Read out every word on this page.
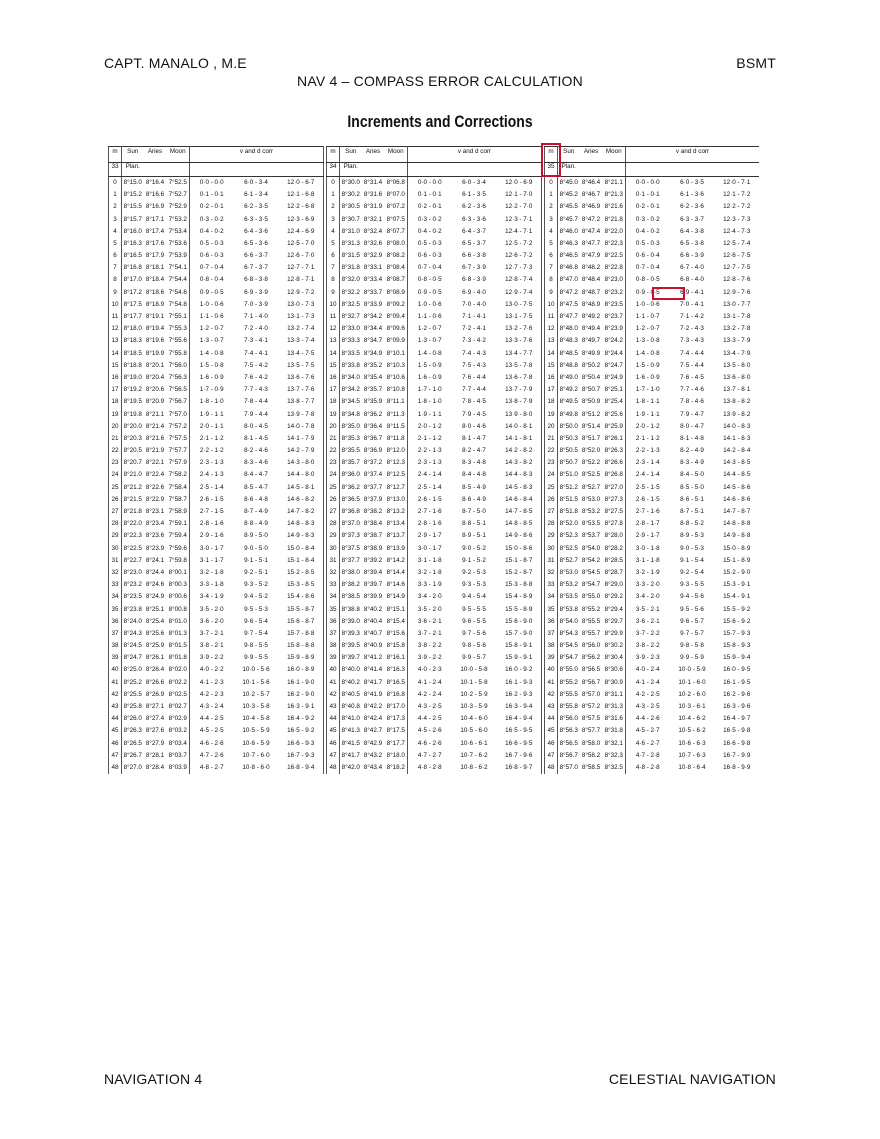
CAPT. MANALO , M.E	BSMT
NAV 4 – COMPASS ERROR CALCULATION
Increments and Corrections
m	Sun	Aries	Moon	v and d corr		
33	Plan.					
0	8°15.0	8°16.4	7°52.5	0·0 - 0·0	6·0 - 3·4	12·0 - 6·7
1	8°15.2	8°16.6	7°52.7	0·1 - 0·1	6·1 - 3·4	12·1 - 6·8
2	8°15.5	8°16.9	7°52.9	0·2 - 0·1	6·2 - 3·5	12·2 - 6·8
3	8°15.7	8°17.1	7°53.2	0·3 - 0·2	6·3 - 3·5	12·3 - 6·9
4	8°16.0	8°17.4	7°53.4	0·4 - 0·2	6·4 - 3·6	12·4 - 6·9
5	8°16.3	8°17.6	7°53.6	0·5 - 0·3	6·5 - 3·6	12·5 - 7·0
6	8°16.5	8°17.9	7°53.9	0·6 - 0·3	6·6 - 3·7	12·6 - 7·0
7	8°16.8	8°18.1	7°54.1	0·7 - 0·4	6·7 - 3·7	12·7 - 7·1
8	8°17.0	8°18.4	7°54.4	0·8 - 0·4	6·8 - 3·8	12·8 - 7·1
9	8°17.2	8°18.6	7°54.6	0·9 - 0·5	6·9 - 3·9	12·9 - 7·2
10	8°17.5	8°18.9	7°54.8	1·0 - 0·6	7·0 - 3·9	13·0 - 7·3
11	8°17.7	8°19.1	7°55.1	1·1 - 0·6	7·1 - 4·0	13·1 - 7·3
12	8°18.0	8°19.4	7°55.3	1·2 - 0·7	7·2 - 4·0	13·2 - 7·4
13	8°18.3	8°19.6	7°55.6	1·3 - 0·7	7·3 - 4·1	13·3 - 7·4
14	8°18.5	8°19.9	7°55.8	1·4 - 0·8	7·4 - 4·1	13·4 - 7·5
15	8°18.8	8°20.1	7°56.0	1·5 - 0·8	7·5 - 4·2	13·5 - 7·5
16	8°19.0	8°20.4	7°56.3	1·6 - 0·9	7·6 - 4·2	13·6 - 7·6
17	8°19.2	8°20.6	7°56.5	1·7 - 0·9	7·7 - 4·3	13·7 - 7·6
18	8°19.5	8°20.9	7°56.7	1·8 - 1·0	7·8 - 4·4	13·8 - 7·7
19	8°19.8	8°21.1	7°57.0	1·9 - 1·1	7·9 - 4·4	13·9 - 7·8
20	8°20.0	8°21.4	7°57.2	2·0 - 1·1	8·0 - 4·5	14·0 - 7·8
21	8°20.3	8°21.6	7°57.5	2·1 - 1·2	8·1 - 4·5	14·1 - 7·9
22	8°20.5	8°21.9	7°57.7	2·2 - 1·2	8·2 - 4·6	14·2 - 7·9
23	8°20.7	8°22.1	7°57.9	2·3 - 1·3	8·3 - 4·6	14·3 - 8·0
24	8°21.0	8°22.4	7°58.2	2·4 - 1·3	8·4 - 4·7	14·4 - 8·0
25	8°21.2	8°22.6	7°58.4	2·5 - 1·4	8·5 - 4·7	14·5 - 8·1
26	8°21.5	8°22.9	7°58.7	2·6 - 1·5	8·6 - 4·8	14·6 - 8·2
27	8°21.8	8°23.1	7°58.9	2·7 - 1·5	8·7 - 4·9	14·7 - 8·2
28	8°22.0	8°23.4	7°59.1	2·8 - 1·6	8·8 - 4·9	14·8 - 8·3
29	8°22.3	8°23.6	7°59.4	2·9 - 1·6	8·9 - 5·0	14·9 - 8·3
30	8°22.5	8°23.9	7°59.6	3·0 - 1·7	9·0 - 5·0	15·0 - 8·4
31	8°22.7	8°24.1	7°59.8	3·1 - 1·7	9·1 - 5·1	15·1 - 8·4
32	8°23.0	8°24.4	8°00.1	3·2 - 1·8	9·2 - 5·1	15·2 - 8·5
33	8°23.2	8°24.6	8°00.3	3·3 - 1·8	9·3 - 5·2	15·3 - 8·5
34	8°23.5	8°24.9	8°00.6	3·4 - 1·9	9·4 - 5·2	15·4 - 8·6
35	8°23.8	8°25.1	8°00.8	3·5 - 2·0	9·5 - 5·3	15·5 - 8·7
36	8°24.0	8°25.4	8°01.0	3·6 - 2·0	9·6 - 5·4	15·6 - 8·7
37	8°24.3	8°25.6	8°01.3	3·7 - 2·1	9·7 - 5·4	15·7 - 8·8
38	8°24.5	8°25.9	8°01.5	3·8 - 2·1	9·8 - 5·5	15·8 - 8·8
39	8°24.7	8°26.1	8°01.8	3·9 - 2·2	9·9 - 5·5	15·9 - 8·9
40	8°25.0	8°26.4	8°02.0	4·0 - 2·2	10·0 - 5·6	16·0 - 8·9
41	8°25.2	8°26.6	8°02.2	4·1 - 2·3	10·1 - 5·6	16·1 - 9·0
42	8°25.5	8°26.9	8°02.5	4·2 - 2·3	10·2 - 5·7	16·2 - 9·0
43	8°25.8	8°27.1	8°02.7	4·3 - 2·4	10·3 - 5·8	16·3 - 9·1
44	8°26.0	8°27.4	8°02.9	4·4 - 2·5	10·4 - 5·8	16·4 - 9·2
45	8°26.3	8°27.6	8°03.2	4·5 - 2·5	10·5 - 5·9	16·5 - 9·2
46	8°26.5	8°27.9	8°03.4	4·6 - 2·6	10·6 - 5·9	16·6 - 9·3
47	8°26.7	8°28.1	8°03.7	4·7 - 2·6	10·7 - 6·0	16·7 - 9·3
48	8°27.0	8°28.4	8°03.9	4·8 - 2·7	10·8 - 6·0	16·8 - 9·4
m	Sun	Aries	Moon	v and d corr		
34	Plan.					
0	8°30.0	8°31.4	8°06.8	0·0 - 0·0	6·0 - 3·4	12·0 - 6·9
1	8°30.2	8°31.6	8°07.0	0·1 - 0·1	6·1 - 3·5	12·1 - 7·0
2	8°30.5	8°31.9	8°07.2	0·2 - 0·1	6·2 - 3·6	12·2 - 7·0
3	8°30.7	8°32.1	8°07.5	0·3 - 0·2	6·3 - 3·6	12·3 - 7·1
4	8°31.0	8°32.4	8°07.7	0·4 - 0·2	6·4 - 3·7	12·4 - 7·1
5	8°31.3	8°32.6	8°08.0	0·5 - 0·3	6·5 - 3·7	12·5 - 7·2
6	8°31.5	8°32.9	8°08.2	0·6 - 0·3	6·6 - 3·8	12·6 - 7·2
7	8°31.8	8°33.1	8°08.4	0·7 - 0·4	6·7 - 3·9	12·7 - 7·3
8	8°32.0	8°33.4	8°08.7	0·8 - 0·5	6·8 - 3·9	12·8 - 7·4
9	8°32.2	8°33.7	8°08.9	0·9 - 0·5	6·9 - 4·0	12·9 - 7·4
10	8°32.5	8°33.9	8°09.2	1·0 - 0·6	7·0 - 4·0	13·0 - 7·5
11	8°32.7	8°34.2	8°09.4	1·1 - 0·6	7·1 - 4·1	13·1 - 7·5
12	8°33.0	8°34.4	8°09.6	1·2 - 0·7	7·2 - 4·1	13·2 - 7·6
13	8°33.3	8°34.7	8°09.9	1·3 - 0·7	7·3 - 4·2	13·3 - 7·6
14	8°33.5	8°34.9	8°10.1	1·4 - 0·8	7·4 - 4·3	13·4 - 7·7
15	8°33.8	8°35.2	8°10.3	1·5 - 0·9	7·5 - 4·3	13·5 - 7·8
16	8°34.0	8°35.4	8°10.6	1·6 - 0·9	7·6 - 4·4	13·6 - 7·8
17	8°34.2	8°35.7	8°10.8	1·7 - 1·0	7·7 - 4·4	13·7 - 7·9
18	8°34.5	8°35.9	8°11.1	1·8 - 1·0	7·8 - 4·5	13·8 - 7·9
19	8°34.8	8°36.2	8°11.3	1·9 - 1·1	7·9 - 4·5	13·9 - 8·0
20	8°35.0	8°36.4	8°11.5	2·0 - 1·2	8·0 - 4·6	14·0 - 8·1
21	8°35.3	8°36.7	8°11.8	2·1 - 1·2	8·1 - 4·7	14·1 - 8·1
22	8°35.5	8°36.9	8°12.0	2·2 - 1·3	8·2 - 4·7	14·2 - 8·2
23	8°35.7	8°37.2	8°12.3	2·3 - 1·3	8·3 - 4·8	14·3 - 8·2
24	8°36.0	8°37.4	8°12.5	2·4 - 1·4	8·4 - 4·8	14·4 - 8·3
25	8°36.2	8°37.7	8°12.7	2·5 - 1·4	8·5 - 4·9	14·5 - 8·3
26	8°36.5	8°37.9	8°13.0	2·6 - 1·5	8·6 - 4·9	14·6 - 8·4
27	8°36.8	8°38.2	8°13.2	2·7 - 1·6	8·7 - 5·0	14·7 - 8·5
28	8°37.0	8°38.4	8°13.4	2·8 - 1·6	8·8 - 5·1	14·8 - 8·5
29	8°37.3	8°38.7	8°13.7	2·9 - 1·7	8·9 - 5·1	14·9 - 8·6
30	8°37.5	8°38.9	8°13.9	3·0 - 1·7	9·0 - 5·2	15·0 - 8·6
31	8°37.7	8°39.2	8°14.2	3·1 - 1·8	9·1 - 5·2	15·1 - 8·7
32	8°38.0	8°39.4	8°14.4	3·2 - 1·8	9·2 - 5·3	15·2 - 8·7
33	8°38.2	8°39.7	8°14.6	3·3 - 1·9	9·3 - 5·3	15·3 - 8·8
34	8°38.5	8°39.9	8°14.9	3·4 - 2·0	9·4 - 5·4	15·4 - 8·9
35	8°38.8	8°40.2	8°15.1	3·5 - 2·0	9·5 - 5·5	15·5 - 8·9
36	8°39.0	8°40.4	8°15.4	3·6 - 2·1	9·6 - 5·5	15·6 - 9·0
37	8°39.3	8°40.7	8°15.6	3·7 - 2·1	9·7 - 5·6	15·7 - 9·0
38	8°39.5	8°40.9	8°15.8	3·8 - 2·2	9·8 - 5·6	15·8 - 9·1
39	8°39.7	8°41.2	8°16.1	3·9 - 2·2	9·9 - 5·7	15·9 - 9·1
40	8°40.0	8°41.4	8°16.3	4·0 - 2·3	10·0 - 5·8	16·0 - 9·2
41	8°40.2	8°41.7	8°16.5	4·1 - 2·4	10·1 - 5·8	16·1 - 9·3
42	8°40.5	8°41.9	8°16.8	4·2 - 2·4	10·2 - 5·9	16·2 - 9·3
43	8°40.8	8°42.2	8°17.0	4·3 - 2·5	10·3 - 5·9	16·3 - 9·4
44	8°41.0	8°42.4	8°17.3	4·4 - 2·5	10·4 - 6·0	16·4 - 9·4
45	8°41.3	8°42.7	8°17.5	4·5 - 2·6	10·5 - 6·0	16·5 - 9·5
46	8°41.5	8°42.9	8°17.7	4·6 - 2·6	10·6 - 6·1	16·6 - 9·5
47	8°41.7	8°43.2	8°18.0	4·7 - 2·7	10·7 - 6·2	16·7 - 9·6
48	8°42.0	8°43.4	8°18.2	4·8 - 2·8	10·8 - 6·2	16·8 - 9·7
m	Sun	Aries	Moon	v and d corr		
35	Plan.					
0	8°45.0	8°46.4	8°21.1	0·0 - 0·0	6·0 - 3·5	12·0 - 7·1
1	8°45.2	8°46.7	8°21.3	0·1 - 0·1	6·1 - 3·6	12·1 - 7·2
2	8°45.5	8°46.9	8°21.6	0·2 - 0·1	6·2 - 3·6	12·2 - 7·2
3	8°45.7	8°47.2	8°21.8	0·3 - 0·2	6·3 - 3·7	12·3 - 7·3
4	8°46.0	8°47.4	8°22.0	0·4 - 0·2	6·4 - 3·8	12·4 - 7·3
5	8°46.3	8°47.7	8°22.3	0·5 - 0·3	6·5 - 3·8	12·5 - 7·4
6	8°46.5	8°47.9	8°22.5	0·6 - 0·4	6·6 - 3·9	12·6 - 7·5
7	8°46.8	8°48.2	8°22.8	0·7 - 0·4	6·7 - 4·0	12·7 - 7·5
8	8°47.0	8°48.4	8°23.0	0·8 - 0·5	6·8 - 4·0	12·8 - 7·6
9	8°47.2	8°48.7	8°23.2	0·9 - 0·5	6·9 - 4·1	12·9 - 7·6
10	8°47.5	8°48.9	8°23.5	1·0 - 0·6	7·0 - 4·1	13·0 - 7·7
11	8°47.7	8°49.2	8°23.7	1·1 - 0·7	7·1 - 4·2	13·1 - 7·8
12	8°48.0	8°49.4	8°23.9	1·2 - 0·7	7·2 - 4·3	13·2 - 7·8
13	8°48.3	8°49.7	8°24.2	1·3 - 0·8	7·3 - 4·3	13·3 - 7·9
14	8°48.5	8°49.9	8°24.4	1·4 - 0·8	7·4 - 4·4	13·4 - 7·9
15	8°48.8	8°50.2	8°24.7	1·5 - 0·9	7·5 - 4·4	13·5 - 8·0
16	8°49.0	8°50.4	8°24.9	1·6 - 0·9	7·6 - 4·5	13·6 - 8·0
17	8°49.2	8°50.7	8°25.1	1·7 - 1·0	7·7 - 4·6	13·7 - 8·1
18	8°49.5	8°50.9	8°25.4	1·8 - 1·1	7·8 - 4·6	13·8 - 8·2
19	8°49.8	8°51.2	8°25.6	1·9 - 1·1	7·9 - 4·7	13·9 - 8·2
20	8°50.0	8°51.4	8°25.9	2·0 - 1·2	8·0 - 4·7	14·0 - 8·3
21	8°50.3	8°51.7	8°26.1	2·1 - 1·2	8·1 - 4·8	14·1 - 8·3
22	8°50.5	8°52.0	8°26.3	2·2 - 1·3	8·2 - 4·9	14·2 - 8·4
23	8°50.7	8°52.2	8°26.6	2·3 - 1·4	8·3 - 4·9	14·3 - 8·5
24	8°51.0	8°52.5	8°26.8	2·4 - 1·4	8·4 - 5·0	14·4 - 8·5
25	8°51.2	8°52.7	8°27.0	2·5 - 1·5	8·5 - 5·0	14·5 - 8·6
26	8°51.5	8°53.0	8°27.3	2·6 - 1·5	8·6 - 5·1	14·6 - 8·6
27	8°51.8	8°53.2	8°27.5	2·7 - 1·6	8·7 - 5·1	14·7 - 8·7
28	8°52.0	8°53.5	8°27.8	2·8 - 1·7	8·8 - 5·2	14·8 - 8·8
29	8°52.3	8°53.7	8°28.0	2·9 - 1·7	8·9 - 5·3	14·9 - 8·8
30	8°52.5	8°54.0	8°28.2	3·0 - 1·8	9·0 - 5·3	15·0 - 8·9
31	8°52.7	8°54.2	8°28.5	3·1 - 1·8	9·1 - 5·4	15·1 - 8·9
32	8°53.0	8°54.5	8°28.7	3·2 - 1·9	9·2 - 5·4	15·2 - 9·0
33	8°53.2	8°54.7	8°29.0	3·3 - 2·0	9·3 - 5·5	15·3 - 9·1
34	8°53.5	8°55.0	8°29.2	3·4 - 2·0	9·4 - 5·6	15·4 - 9·1
35	8°53.8	8°55.2	8°29.4	3·5 - 2·1	9·5 - 5·6	15·5 - 9·2
36	8°54.0	8°55.5	8°29.7	3·6 - 2·1	9·6 - 5·7	15·6 - 9·2
37	8°54.3	8°55.7	8°29.9	3·7 - 2·2	9·7 - 5·7	15·7 - 9·3
38	8°54.5	8°56.0	8°30.2	3·8 - 2·2	9·8 - 5·8	15·8 - 9·3
39	8°54.7	8°56.2	8°30.4	3·9 - 2·3	9·9 - 5·9	15·9 - 9·4
40	8°55.0	8°56.5	8°30.6	4·0 - 2·4	10·0 - 5·9	16·0 - 9·5
41	8°55.2	8°56.7	8°30.9	4·1 - 2·4	10·1 - 6·0	16·1 - 9·5
42	8°55.5	8°57.0	8°31.1	4·2 - 2·5	10·2 - 6·0	16·2 - 9·6
43	8°55.8	8°57.2	8°31.3	4·3 - 2·5	10·3 - 6·1	16·3 - 9·6
44	8°56.0	8°57.5	8°31.6	4·4 - 2·6	10·4 - 6·2	16·4 - 9·7
45	8°56.3	8°57.7	8°31.8	4·5 - 2·7	10·5 - 6·2	16·5 - 9·8
46	8°56.5	8°58.0	8°32.1	4·6 - 2·7	10·6 - 6·3	16·6 - 9·8
47	8°56.7	8°58.2	8°32.3	4·7 - 2·8	10·7 - 6·3	16·7 - 9·9
48	8°57.0	8°58.5	8°32.5	4·8 - 2·8	10·8 - 6·4	16·8 - 9·9
NAVIGATION 4	CELESTIAL NAVIGATION
